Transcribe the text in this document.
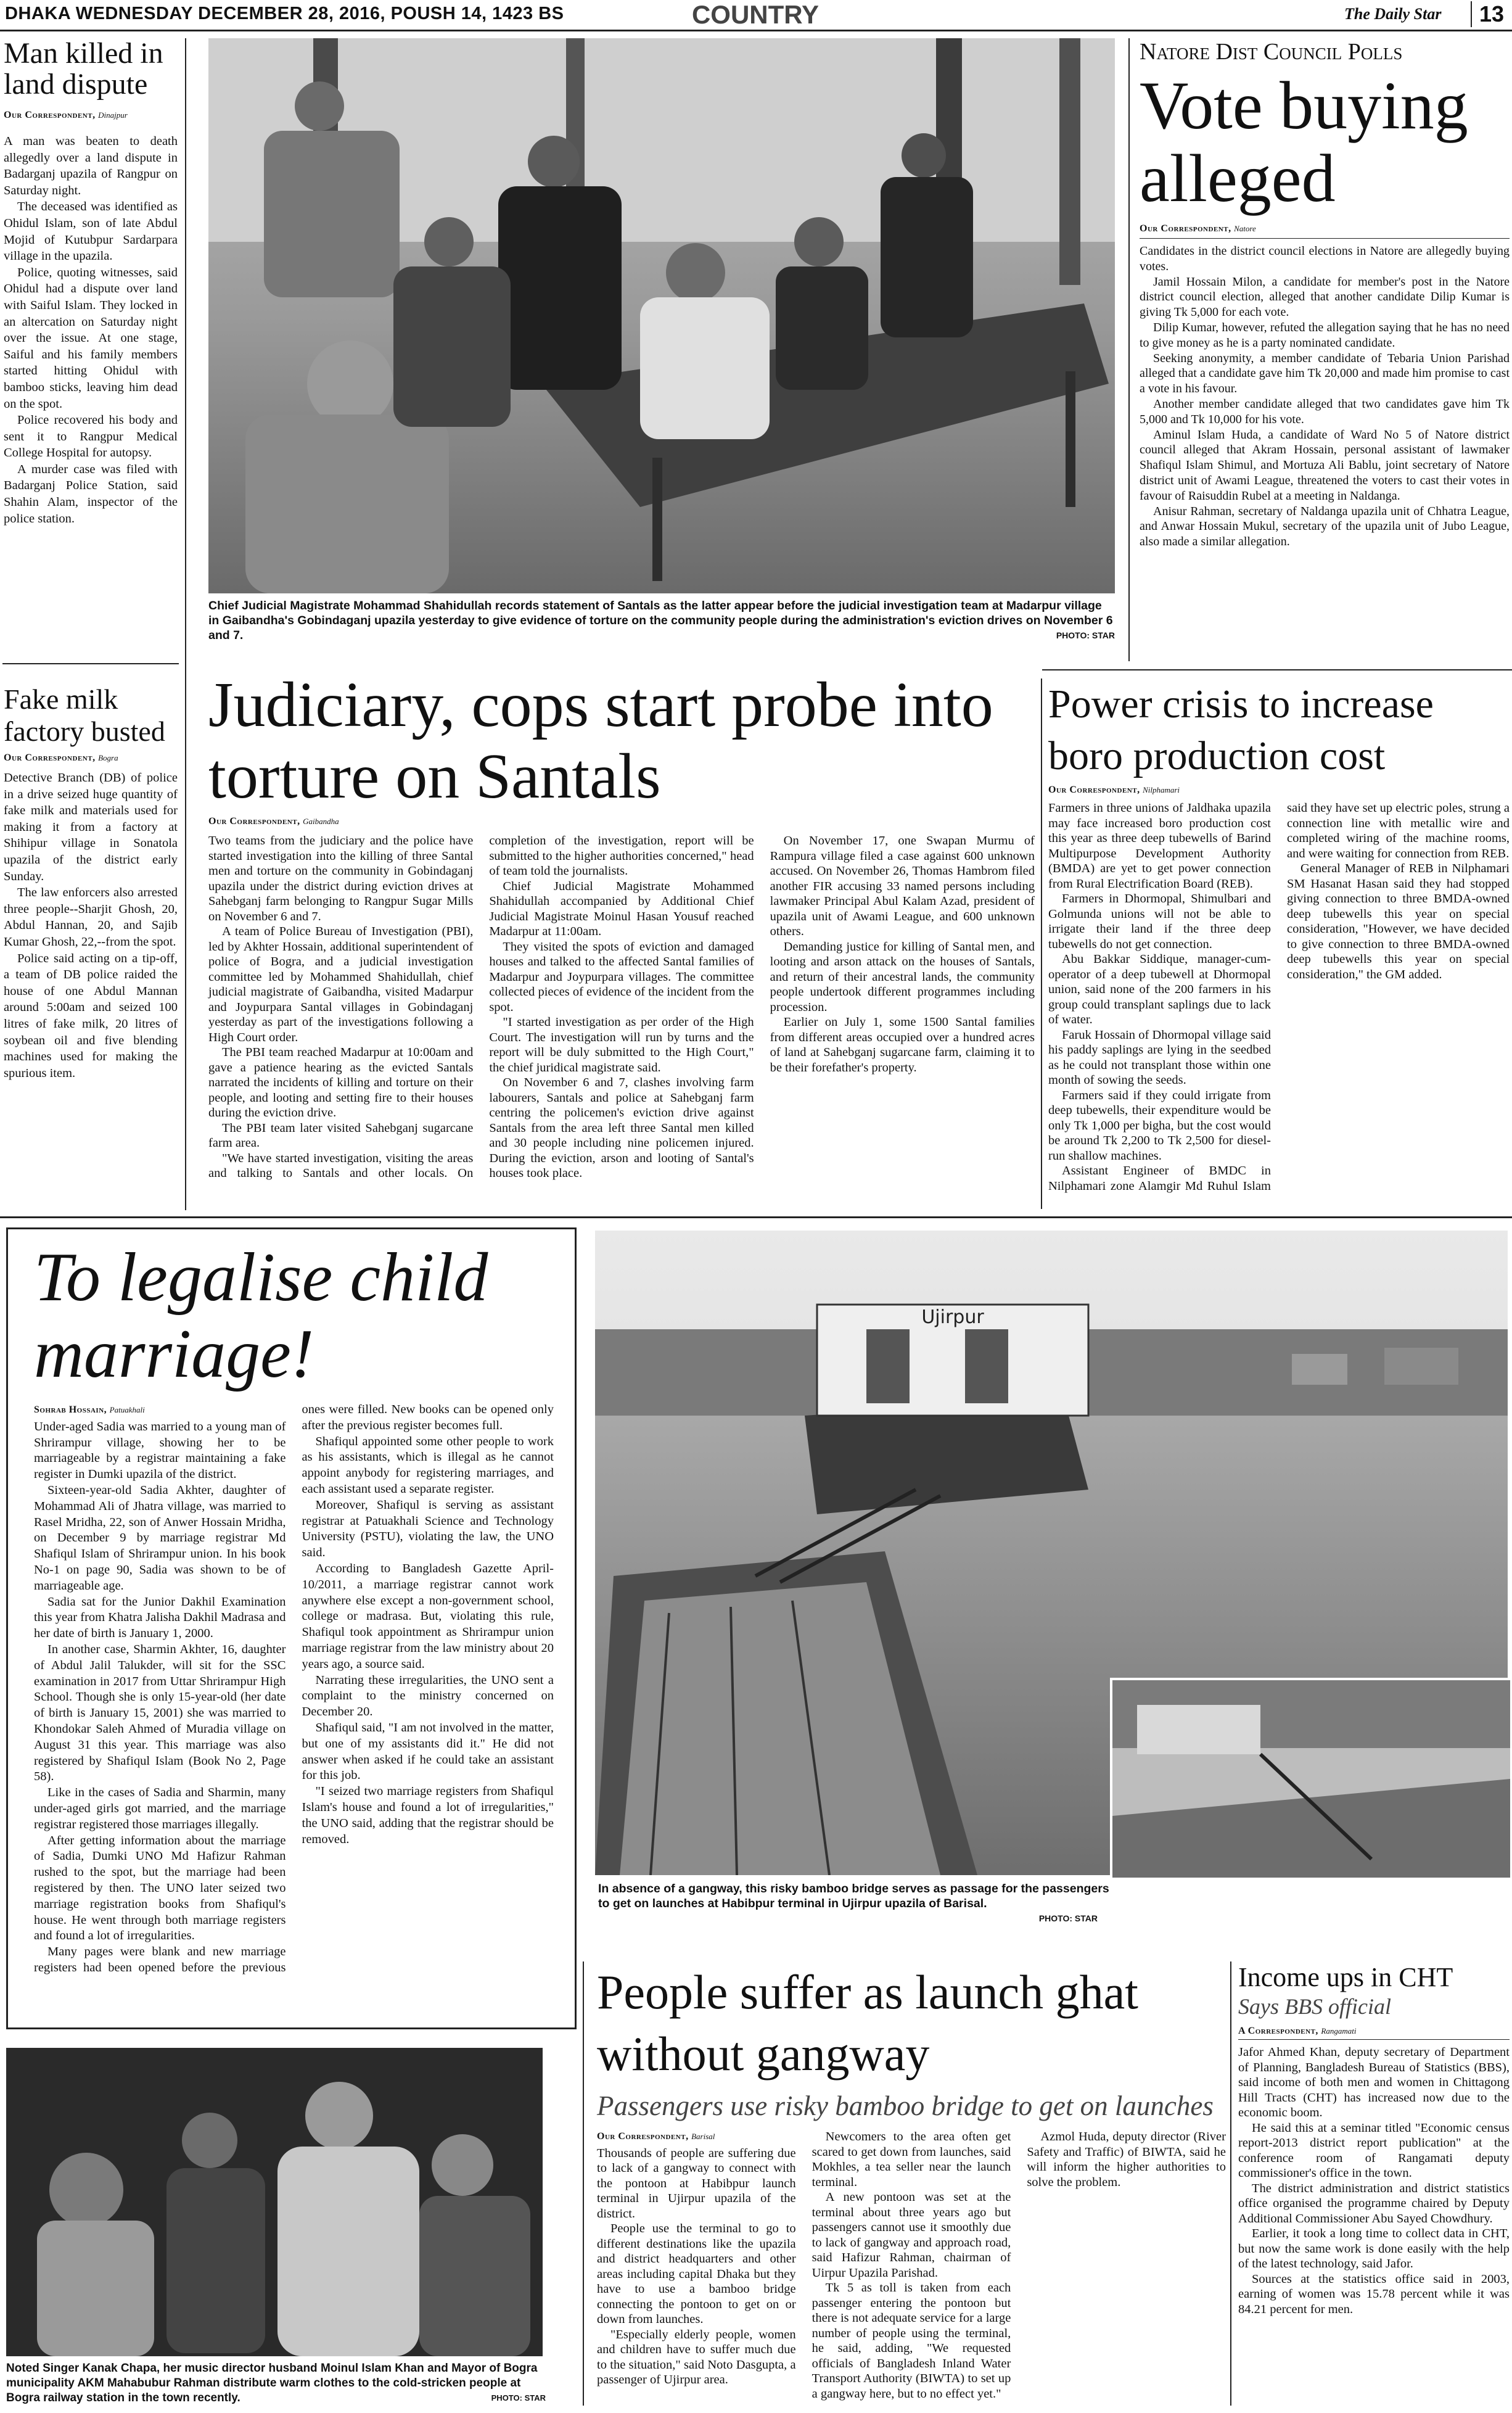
DHAKA WEDNESDAY DECEMBER 28, 2016, POUSH 14, 1423 BS	COUNTRY	The Daily Star	13
Man killed in land dispute
Our Correspondent, Dinajpur

A man was beaten to death allegedly over a land dispute in Badarganj upazila of Rangpur on Saturday night.

The deceased was identified as Ohidul Islam, son of late Abdul Mojid of Kutubpur Sardarpara village in the upazila.

Police, quoting witnesses, said Ohidul had a dispute over land with Saiful Islam. They locked in an altercation on Saturday night over the issue. At one stage, Saiful and his family members started hitting Ohidul with bamboo sticks, leaving him dead on the spot.

Police recovered his body and sent it to Rangpur Medical College Hospital for autopsy.

A murder case was filed with Badarganj Police Station, said Shahin Alam, inspector of the police station.

Fake milk factory busted
Our Correspondent, Bogra

Detective Branch (DB) of police in a drive seized huge quantity of fake milk and materials used for making it from a factory at Shihipur village in Sonatola upazila of the district early Sunday.

The law enforcers also arrested three people--Sharjit Ghosh, 20, Abdul Hannan, 20, and Sajib Kumar Ghosh, 22,--from the spot.

Police said acting on a tip-off, a team of DB police raided the house of one Abdul Mannan around 5:00am and seized 100 litres of fake milk, 20 litres of soybean oil and five blending machines used for making the spurious item.

Chief Judicial Magistrate Mohammad Shahidullah records statement of Santals as the latter appear before the judicial investigation team at Madarpur village in Gaibandha's Gobindaganj upazila yesterday to give evidence of torture on the community people during the administration's eviction drives on November 6 and 7.	PHOTO: STAR
Natore Dist Council Polls
Vote buying alleged
Our Correspondent, Natore

Candidates in the district council elections in Natore are allegedly buying votes.

Jamil Hossain Milon, a candidate for member's post in the Natore district council election, alleged that another candidate Dilip Kumar is giving Tk 5,000 for each vote.

Dilip Kumar, however, refuted the allegation saying that he has no need to give money as he is a party nominated candidate.

Seeking anonymity, a member candidate of Tebaria Union Parishad alleged that a candidate gave him Tk 20,000 and made him promise to cast a vote in his favour.

Another member candidate alleged that two candidates gave him Tk 5,000 and Tk 10,000 for his vote.

Aminul Islam Huda, a candidate of Ward No 5 of Natore district council alleged that Akram Hossain, personal assistant of lawmaker Shafiqul Islam Shimul, and Mortuza Ali Bablu, joint secretary of Natore district unit of Awami League, threatened the voters to cast their votes in favour of Raisuddin Rubel at a meeting in Naldanga.

Anisur Rahman, secretary of Naldanga upazila unit of Chhatra League, and Anwar Hossain Mukul, secretary of the upazila unit of Jubo League, also made a similar allegation.

Judiciary, cops start probe into torture on Santals
Our Correspondent, Gaibandha

Two teams from the judiciary and the police have started investigation into the killing of three Santal men and torture on the community in Gobindaganj upazila under the district during eviction drives at Sahebganj farm belonging to Rangpur Sugar Mills on November 6 and 7.

A team of Police Bureau of Investigation (PBI), led by Akhter Hossain, additional superintendent of police of Bogra, and a judicial investigation committee led by Mohammed Shahidullah, chief judicial magistrate of Gaibandha, visited Madarpur and Joypurpara Santal villages in Gobindaganj yesterday as part of the investigations following a High Court order.

The PBI team reached Madarpur at 10:00am and gave a patience hearing as the evicted Santals narrated the incidents of killing and torture on their people, and looting and setting fire to their houses during the eviction drive.

The PBI team later visited Sahebganj sugarcane farm area.

"We have started investigation, visiting the areas and talking to Santals and other locals. On completion of the investigation, report will be submitted to the higher authorities concerned," head of team told the journalists.

Chief Judicial Magistrate Mohammed Shahidullah accompanied by Additional Chief Judicial Magistrate Moinul Hasan Yousuf reached Madarpur at 11:00am.

They visited the spots of eviction and damaged houses and talked to the affected Santal families of Madarpur and Joypurpara villages. The committee collected pieces of evidence of the incident from the spot.

"I started investigation as per order of the High Court. The investigation will run by turns and the report will be duly submitted to the High Court," the chief juridical magistrate said.

On November 6 and 7, clashes involving farm labourers, Santals and police at Sahebganj farm centring the policemen's eviction drive against Santals from the area left three Santal men killed and 30 people including nine policemen injured. During the eviction, arson and looting of Santal's houses took place.

On November 17, one Swapan Murmu of Rampura village filed a case against 600 unknown accused. On November 26, Thomas Hambrom filed another FIR accusing 33 named persons including lawmaker Principal Abul Kalam Azad, president of upazila unit of Awami League, and 600 unknown others.

Demanding justice for killing of Santal men, and looting and arson attack on the houses of Santals, and return of their ancestral lands, the community people undertook different programmes including procession.

Earlier on July 1, some 1500 Santal families from different areas occupied over a hundred acres of land at Sahebganj sugarcane farm, claiming it to be their forefather's property.

Power crisis to increase boro production cost
Our Correspondent, Nilphamari

Farmers in three unions of Jaldhaka upazila may face increased boro production cost this year as three deep tubewells of Barind Multipurpose Development Authority (BMDA) are yet to get power connection from Rural Electrification Board (REB).

Farmers in Dhormopal, Shimulbari and Golmunda unions will not be able to irrigate their land if the three deep tubewells do not get connection.

Abu Bakkar Siddique, manager-cum-operator of a deep tubewell at Dhormopal union, said none of the 200 farmers in his group could transplant saplings due to lack of water.

Faruk Hossain of Dhormopal village said his paddy saplings are lying in the seedbed as he could not transplant those within one month of sowing the seeds.

Farmers said if they could irrigate from deep tubewells, their expenditure would be only Tk 1,000 per bigha, but the cost would be around Tk 2,200 to Tk 2,500 for diesel-run shallow machines.

Assistant Engineer of BMDC in Nilphamari zone Alamgir Md Ruhul Islam said they have set up electric poles, strung a connection line with metallic wire and completed wiring of the machine rooms, and were waiting for connection from REB.

General Manager of REB in Nilphamari SM Hasanat Hasan said they had stopped giving connection to three BMDA-owned deep tubewells this year on special consideration, "However, we have decided to give connection to three BMDA-owned deep tubewells this year on special consideration," the GM added.

To legalise child marriage!
Sohrab Hossain, Patuakhali

Under-aged Sadia was married to a young man of Shrirampur village, showing her to be marriageable by a registrar maintaining a fake register in Dumki upazila of the district.

Sixteen-year-old Sadia Akhter, daughter of Mohammad Ali of Jhatra village, was married to Rasel Mridha, 22, son of Anwer Hossain Mridha, on December 9 by marriage registrar Md Shafiqul Islam of Shrirampur union. In his book No-1 on page 90, Sadia was shown to be of marriageable age.

Sadia sat for the Junior Dakhil Examination this year from Khatra Jalisha Dakhil Madrasa and her date of birth is January 1, 2000.

In another case, Sharmin Akhter, 16, daughter of Abdul Jalil Talukder, will sit for the SSC examination in 2017 from Uttar Shrirampur High School. Though she is only 15-year-old (her date of birth is January 15, 2001) she was married to Khondokar Saleh Ahmed of Muradia village on August 31 this year. This marriage was also registered by Shafiqul Islam (Book No 2, Page 58).

Like in the cases of Sadia and Sharmin, many under-aged girls got married, and the marriage registrar registered those marriages illegally.

After getting information about the marriage of Sadia, Dumki UNO Md Hafizur Rahman rushed to the spot, but the marriage had been registered by then. The UNO later seized two marriage registration books from Shafiqul's house. He went through both marriage registers and found a lot of irregularities.

Many pages were blank and new marriage registers had been opened before the previous ones were filled. New books can be opened only after the previous register becomes full.

Shafiqul appointed some other people to work as his assistants, which is illegal as he cannot appoint anybody for registering marriages, and each assistant used a separate register.

Moreover, Shafiqul is serving as assistant registrar at Patuakhali Science and Technology University (PSTU), violating the law, the UNO said.

According to Bangladesh Gazette April-10/2011, a marriage registrar cannot work anywhere else except a non-government school, college or madrasa. But, violating this rule, Shafiqul took appointment as Shrirampur union marriage registrar from the law ministry about 20 years ago, a source said.

Narrating these irregularities, the UNO sent a complaint to the ministry concerned on December 20.

Shafiqul said, "I am not involved in the matter, but one of my assistants did it." He did not answer when asked if he could take an assistant for this job.

"I seized two marriage registers from Shafiqul Islam's house and found a lot of irregularities," the UNO said, adding that the registrar should be removed.

Ujirpur
In absence of a gangway, this risky bamboo bridge serves as passage for the passengers to get on launches at Habibpur terminal in Ujirpur upazila of Barisal.
PHOTO: STAR
Noted Singer Kanak Chapa, her music director husband Moinul Islam Khan and Mayor of Bogra municipality AKM Mahabubur Rahman distribute warm clothes to the cold-stricken people at Bogra railway station in the town recently.	PHOTO: STAR
People suffer as launch ghat without gangway
Passengers use risky bamboo bridge to get on launches
Our Correspondent, Barisal

Thousands of people are suffering due to lack of a gangway to connect with the pontoon at Habibpur launch terminal in Ujirpur upazila of the district.

People use the terminal to go to different destinations like the upazila and district headquarters and other areas including capital Dhaka but they have to use a bamboo bridge connecting the pontoon to get on or down from launches.

"Especially elderly people, women and children have to suffer much due to the situation," said Noto Dasgupta, a passenger of Ujirpur area.

Newcomers to the area often get scared to get down from launches, said Mokhles, a tea seller near the launch terminal.

A new pontoon was set at the terminal about three years ago but passengers cannot use it smoothly due to lack of gangway and approach road, said Hafizur Rahman, chairman of Uirpur Upazila Parishad.

Tk 5 as toll is taken from each passenger entering the pontoon but there is not adequate service for a large number of people using the terminal, he said, adding, "We requested officials of Bangladesh Inland Water Transport Authority (BIWTA) to set up a gangway here, but to no effect yet."

Azmol Huda, deputy director (River Safety and Traffic) of BIWTA, said he will inform the higher authorities to solve the problem.

Income ups in CHT
Says BBS official
A Correspondent, Rangamati

Jafor Ahmed Khan, deputy secretary of Department of Planning, Bangladesh Bureau of Statistics (BBS), said income of both men and women in Chittagong Hill Tracts (CHT) has increased now due to the economic boom.

He said this at a seminar titled "Economic census report-2013 district report publication" at the conference room of Rangamati deputy commissioner's office in the town.

The district administration and district statistics office organised the programme chaired by Deputy Additional Commissioner Abu Sayed Chowdhury.

Earlier, it took a long time to collect data in CHT, but now the same work is done easily with the help of the latest technology, said Jafor.

Sources at the statistics office said in 2003, earning of women was 15.78 percent while it was 84.21 percent for men.
